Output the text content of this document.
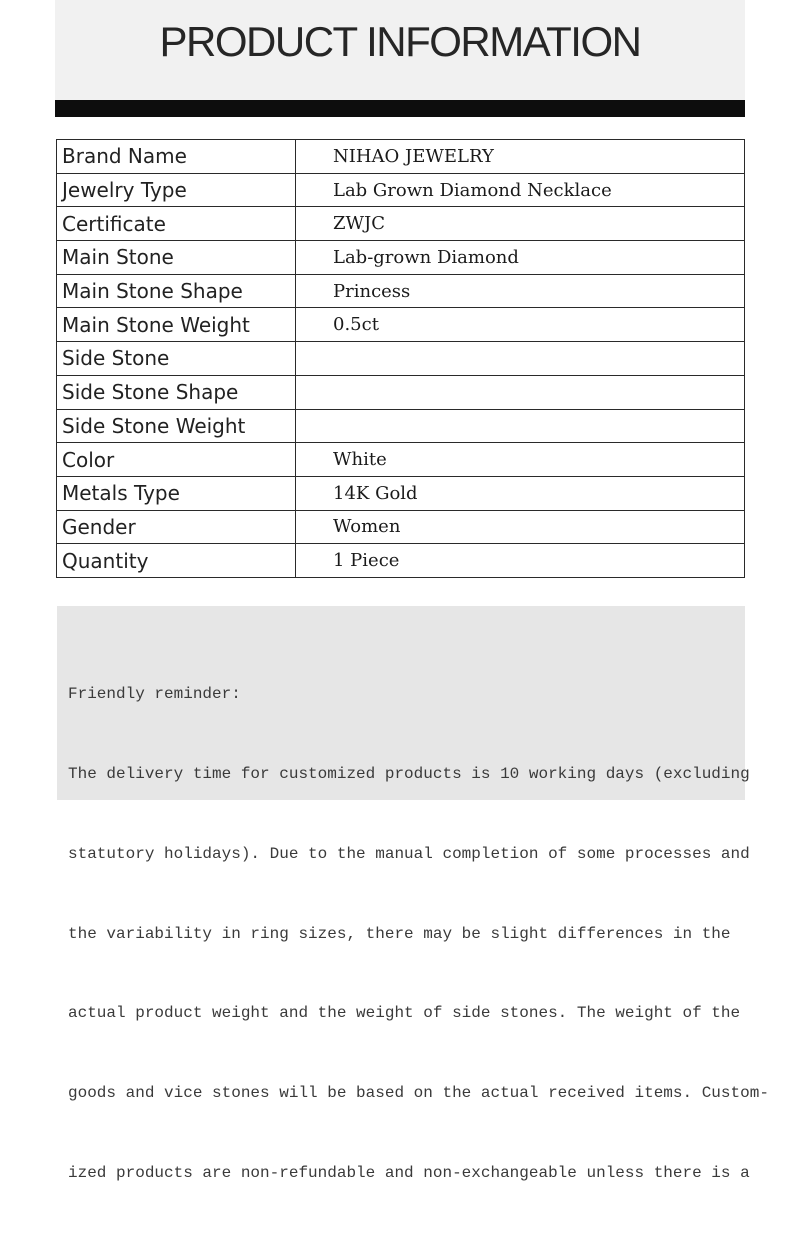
PRODUCT INFORMATION
Brand Name	NIHAO JEWELRY
Jewelry Type	Lab Grown Diamond Necklace
Certificate	ZWJC
Main Stone	Lab-grown Diamond
Main Stone Shape	Princess
Main Stone Weight	0.5ct
Side Stone	
Side Stone Shape	
Side Stone Weight	
Color	White
Metals Type	14K Gold
Gender	Women
Quantity	1 Piece

Friendly reminder:

The delivery time for customized products is 10 working days (excluding

statutory holidays). Due to the manual completion of some processes and

the variability in ring sizes, there may be slight differences in the

actual product weight and the weight of side stones. The weight of the

goods and vice stones will be based on the actual received items. Custom-

ized products are non-refundable and non-exchangeable unless there is a
